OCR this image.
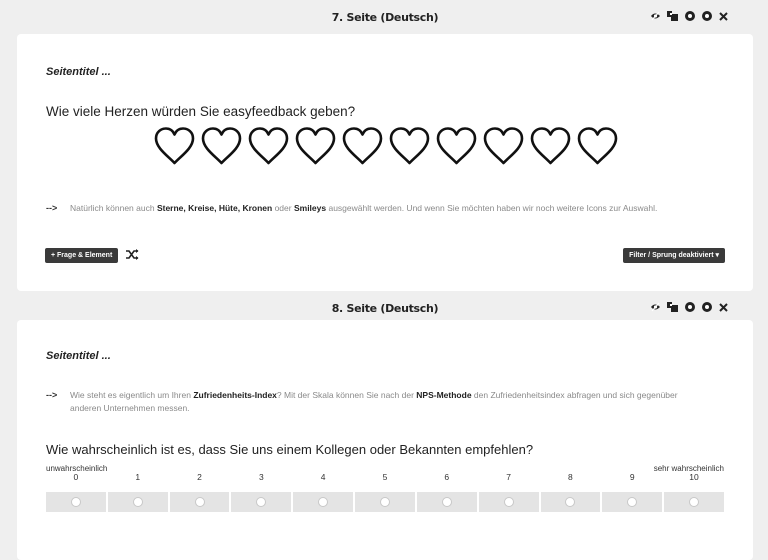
7. Seite (Deutsch)
Seitentitel ...
Wie viele Herzen würden Sie easyfeedback geben?
-->	Natürlich können auch Sterne, Kreise, Hüte, Kronen oder Smileys ausgewählt werden. Und wenn Sie möchten haben wir noch weitere Icons zur Auswahl.
+ Frage & Element	Filter / Sprung deaktiviert ▾
8. Seite (Deutsch)
Seitentitel ...
-->	Wie steht es eigentlich um Ihren Zufriedenheits-Index? Mit der Skala können Sie nach der NPS-Methode den Zufriedenheitsindex abfragen und sich gegenüber anderen Unternehmen messen.
Wie wahrscheinlich ist es, dass Sie uns einem Kollegen oder Bekannten empfehlen?
unwahrscheinlich	sehr wahrscheinlich
0	1	2	3	4	5	6	7	8	9	10
